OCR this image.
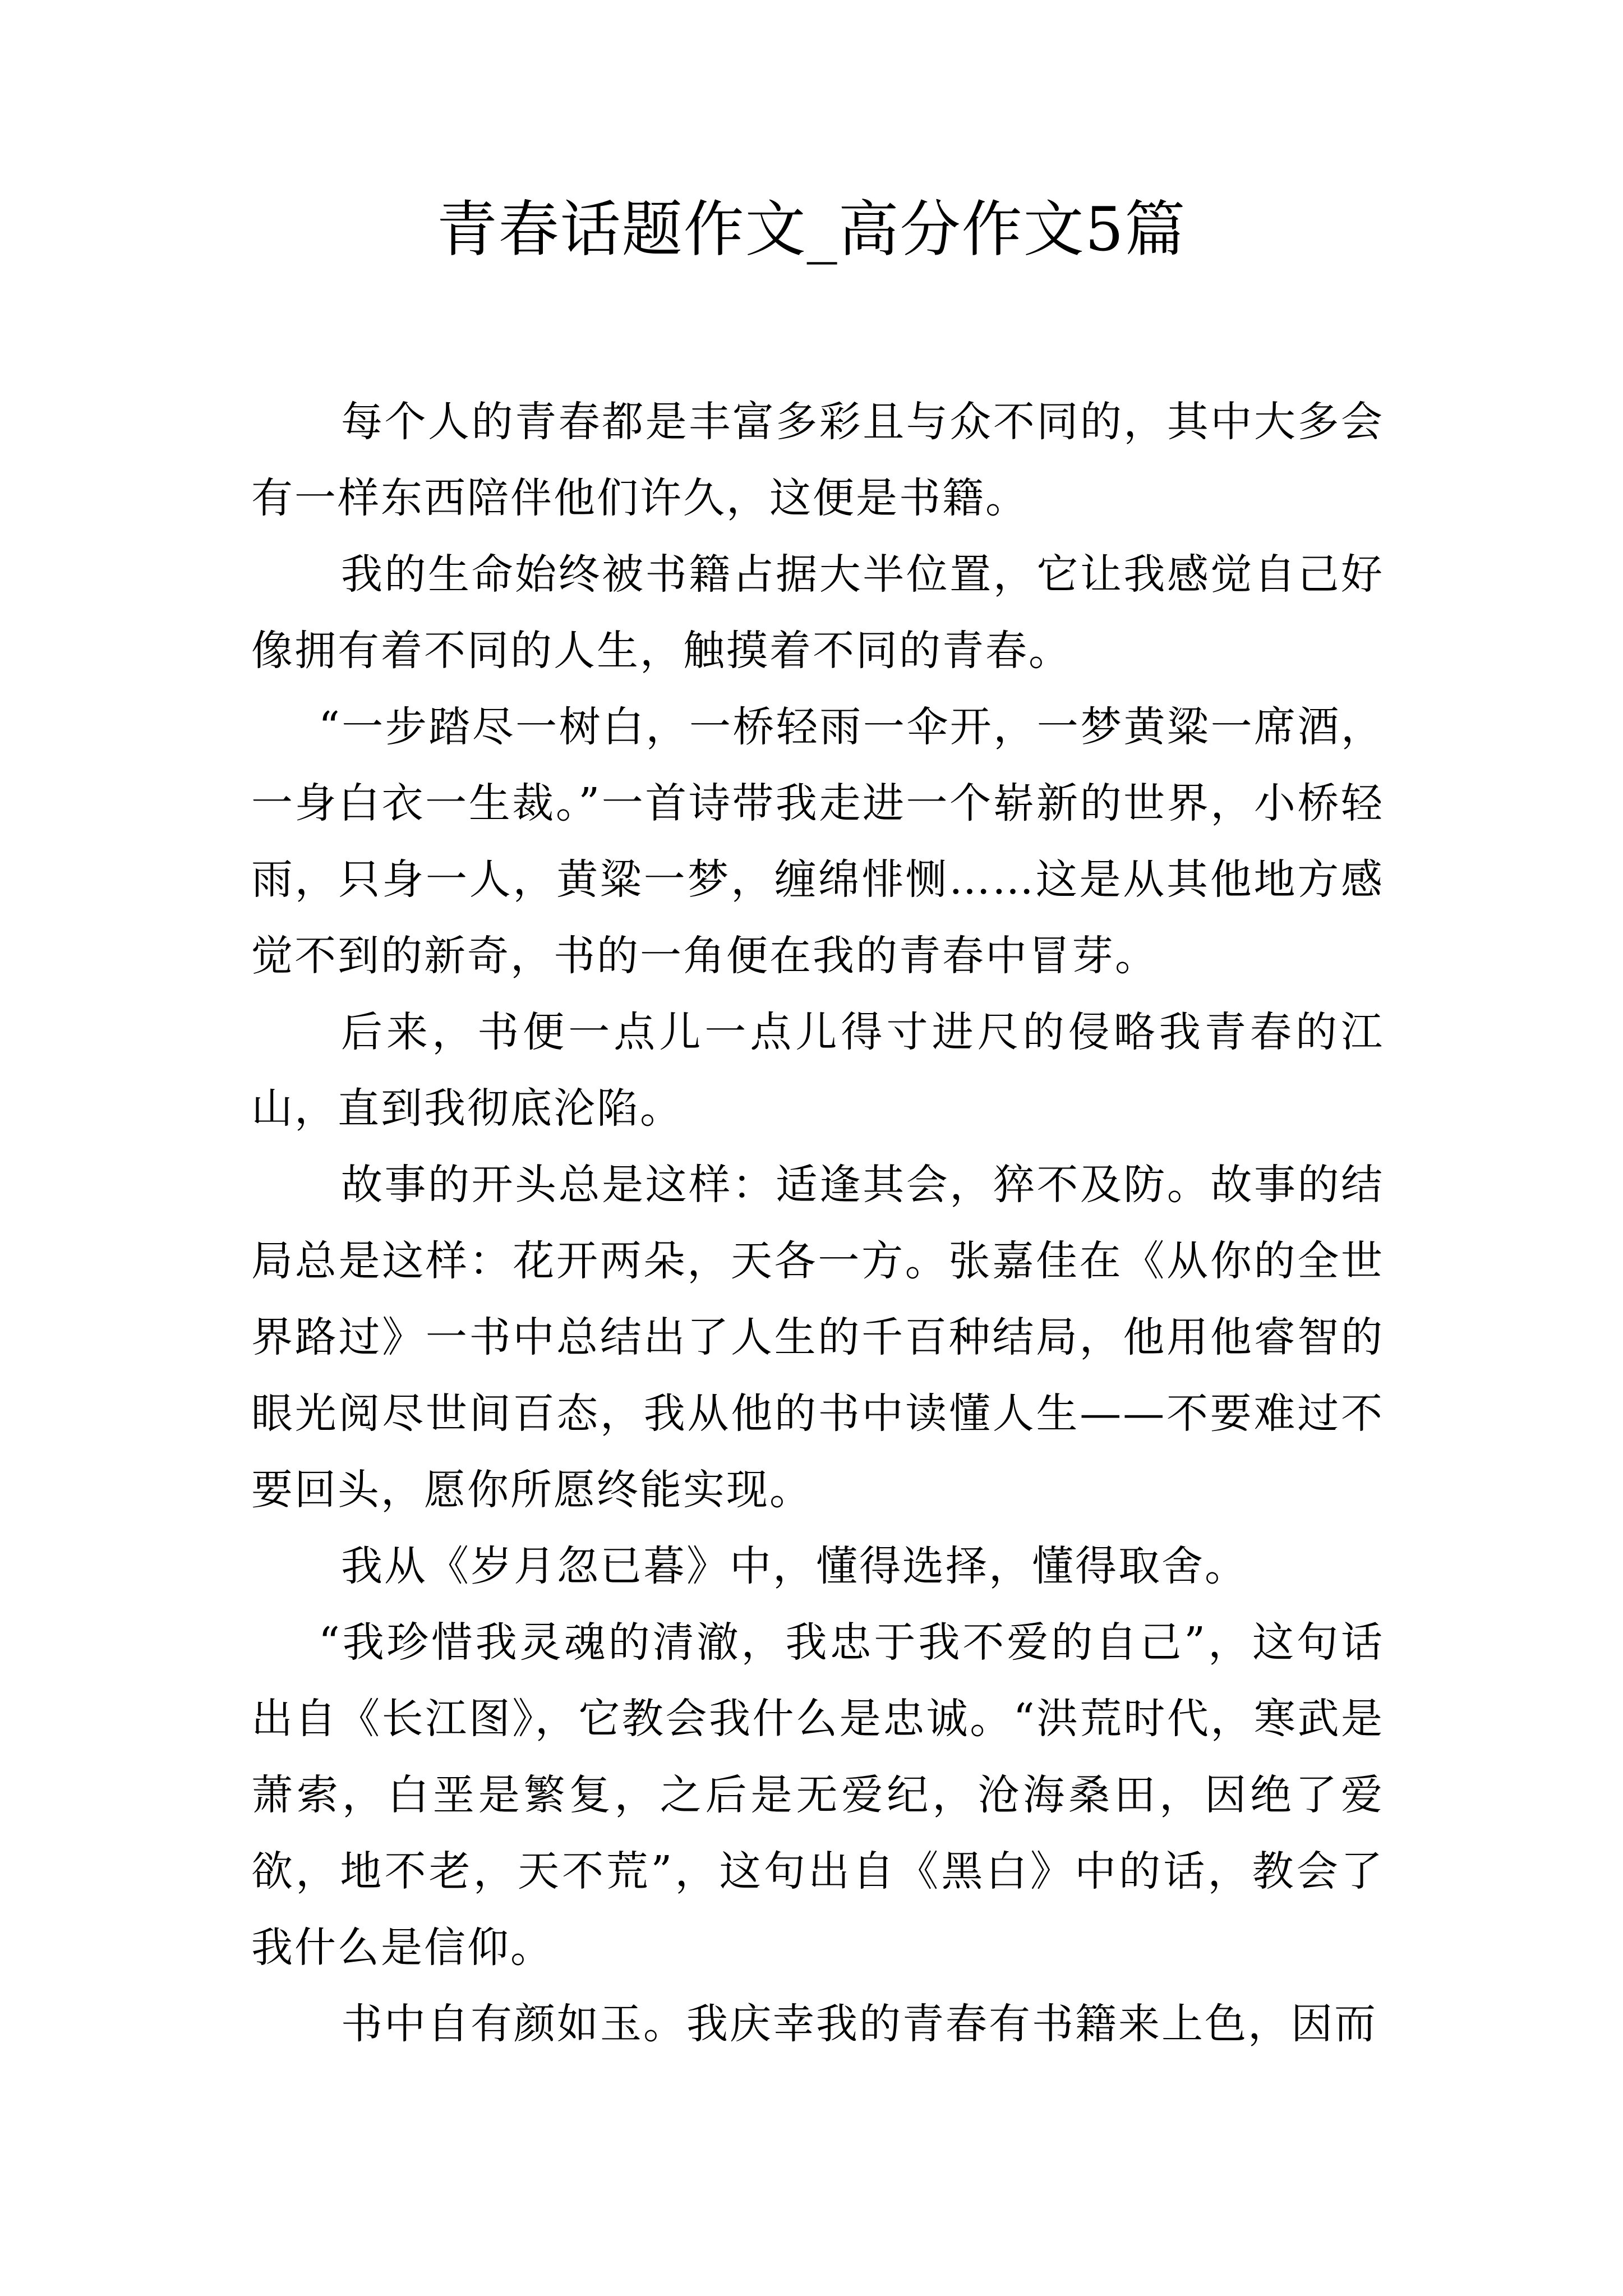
青春话题作文_高分作文5篇

每个人的青春都是丰富多彩且与众不同的，其中大多会有一样东西陪伴他们许久，这便是书籍。

我的生命始终被书籍占据大半位置，它让我感觉自己好像拥有着不同的人生，触摸着不同的青春。

“一步踏尽一树白，一桥轻雨一伞开，一梦黄粱一席酒，一身白衣一生裁。”一首诗带我走进一个崭新的世界，小桥轻雨，只身一人，黄粱一梦，缠绵悱恻……这是从其他地方感觉不到的新奇，书的一角便在我的青春中冒芽。

后来，书便一点儿一点儿得寸进尺的侵略我青春的江山，直到我彻底沦陷。

故事的开头总是这样：适逢其会，猝不及防。故事的结局总是这样：花开两朵，天各一方。张嘉佳在《从你的全世界路过》一书中总结出了人生的千百种结局，他用他睿智的眼光阅尽世间百态，我从他的书中读懂人生——不要难过不要回头，愿你所愿终能实现。

我从《岁月忽已暮》中，懂得选择，懂得取舍。

“我珍惜我灵魂的清澈，我忠于我不爱的自己”，这句话出自《长江图》，它教会我什么是忠诚。“洪荒时代，寒武是萧索，白垩是繁复，之后是无爱纪，沧海桑田，因绝了爱欲，地不老，天不荒”，这句出自《黑白》中的话，教会了我什么是信仰。

书中自有颜如玉。我庆幸我的青春有书籍来上色，因而
